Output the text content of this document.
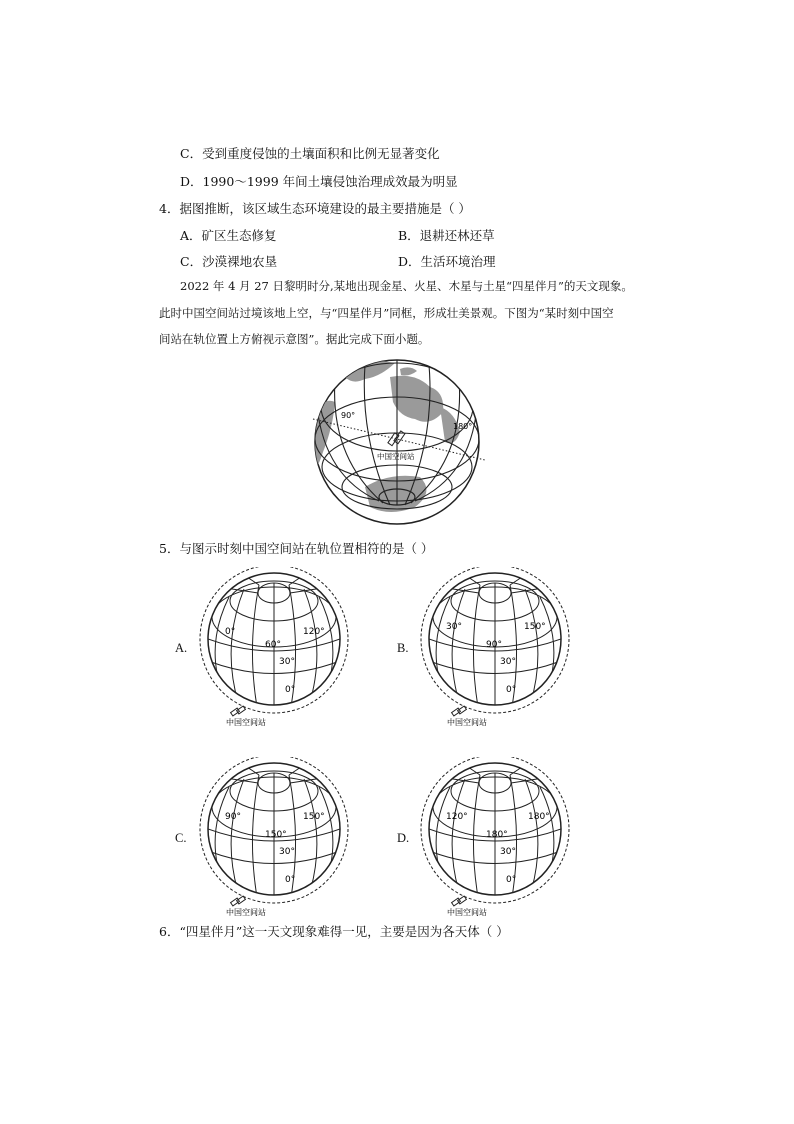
C．受到重度侵蚀的土壤面积和比例无显著变化
D．1990～1999 年间土壤侵蚀治理成效最为明显
4．据图推断，该区域生态环境建设的最主要措施是（ ）
A．矿区生态修复	B．退耕还林还草
C．沙漠裸地农垦	D．生活环境治理
2022 年 4 月 27 日黎明时分,某地出现金星、火星、木星与土星“四星伴月”的天文现象。
此时中国空间站过境该地上空，与“四星伴月”同框，形成壮美景观。下图为“某时刻中国空
间站在轨位置上方俯视示意图”。据此完成下面小题。
90°
180°
中国空间站
5．与图示时刻中国空间站在轨位置相符的是（ ）
A.
0°	120°
60°
30°
0°
中国空间站
B.
30°	150°
90°
30°
0°
中国空间站
C.
90°	150°
150°
30°
0°
中国空间站
D.
120°	180°
180°
30°
0°
中国空间站
6．“四星伴月”这一天文现象难得一见，主要是因为各天体（ ）
